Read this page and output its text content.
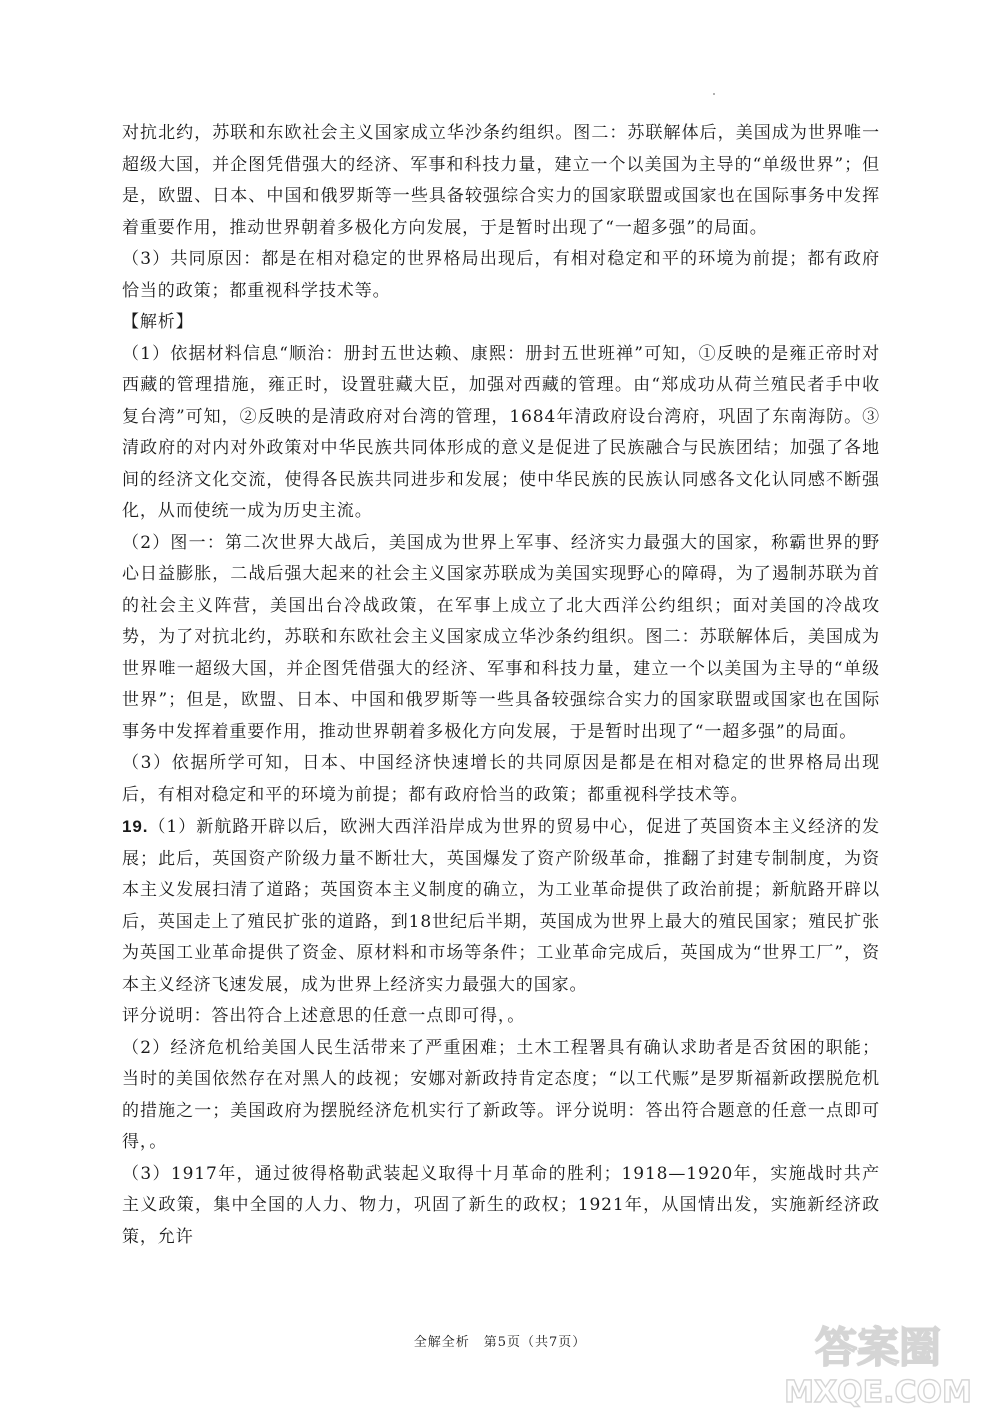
对抗北约，苏联和东欧社会主义国家成立华沙条约组织。图二：苏联解体后，美国成为世界唯一超级大国，并企图凭借强大的经济、军事和科技力量，建立一个以美国为主导的“单级世界”；但是，欧盟、日本、中国和俄罗斯等一些具备较强综合实力的国家联盟或国家也在国际事务中发挥着重要作用，推动世界朝着多极化方向发展，于是暂时出现了“一超多强”的局面。

（3）共同原因：都是在相对稳定的世界格局出现后，有相对稳定和平的环境为前提；都有政府恰当的政策；都重视科学技术等。

【解析】

（1）依据材料信息“顺治：册封五世达赖、康熙：册封五世班禅”可知，①反映的是雍正帝时对西藏的管理措施，雍正时，设置驻藏大臣，加强对西藏的管理。由“郑成功从荷兰殖民者手中收复台湾”可知，②反映的是清政府对台湾的管理，1684年清政府设台湾府，巩固了东南海防。③清政府的对内对外政策对中华民族共同体形成的意义是促进了民族融合与民族团结；加强了各地间的经济文化交流，使得各民族共同进步和发展；使中华民族的民族认同感各文化认同感不断强化，从而使统一成为历史主流。

（2）图一：第二次世界大战后，美国成为世界上军事、经济实力最强大的国家，称霸世界的野心日益膨胀，二战后强大起来的社会主义国家苏联成为美国实现野心的障碍，为了遏制苏联为首的社会主义阵营，美国出台冷战政策，在军事上成立了北大西洋公约组织；面对美国的冷战攻势，为了对抗北约，苏联和东欧社会主义国家成立华沙条约组织。图二：苏联解体后，美国成为世界唯一超级大国，并企图凭借强大的经济、军事和科技力量，建立一个以美国为主导的“单级世界”；但是，欧盟、日本、中国和俄罗斯等一些具备较强综合实力的国家联盟或国家也在国际事务中发挥着重要作用，推动世界朝着多极化方向发展，于是暂时出现了“一超多强”的局面。

（3）依据所学可知，日本、中国经济快速增长的共同原因是都是在相对稳定的世界格局出现后，有相对稳定和平的环境为前提；都有政府恰当的政策；都重视科学技术等。

19.（1）新航路开辟以后，欧洲大西洋沿岸成为世界的贸易中心，促进了英国资本主义经济的发展；此后，英国资产阶级力量不断壮大，英国爆发了资产阶级革命，推翻了封建专制制度，为资本主义发展扫清了道路；英国资本主义制度的确立，为工业革命提供了政治前提；新航路开辟以后，英国走上了殖民扩张的道路，到18世纪后半期，英国成为世界上最大的殖民国家；殖民扩张为英国工业革命提供了资金、原材料和市场等条件；工业革命完成后，英国成为“世界工厂”，资本主义经济飞速发展，成为世界上经济实力最强大的国家。

评分说明：答出符合上述意思的任意一点即可得，。

（2）经济危机给美国人民生活带来了严重困难；土木工程署具有确认求助者是否贫困的职能；当时的美国依然存在对黑人的歧视；安娜对新政持肯定态度；“以工代赈”是罗斯福新政摆脱危机的措施之一；美国政府为摆脱经济危机实行了新政等。评分说明：答出符合题意的任意一点即可得，。

（3）1917年，通过彼得格勒武装起义取得十月革命的胜利；1918—1920年，实施战时共产主义政策，集中全国的人力、物力，巩固了新生的政权；1921年，从国情出发，实施新经济政策，允许

全解全析　第5页（共7页）	答案圈
MXQE.COM
